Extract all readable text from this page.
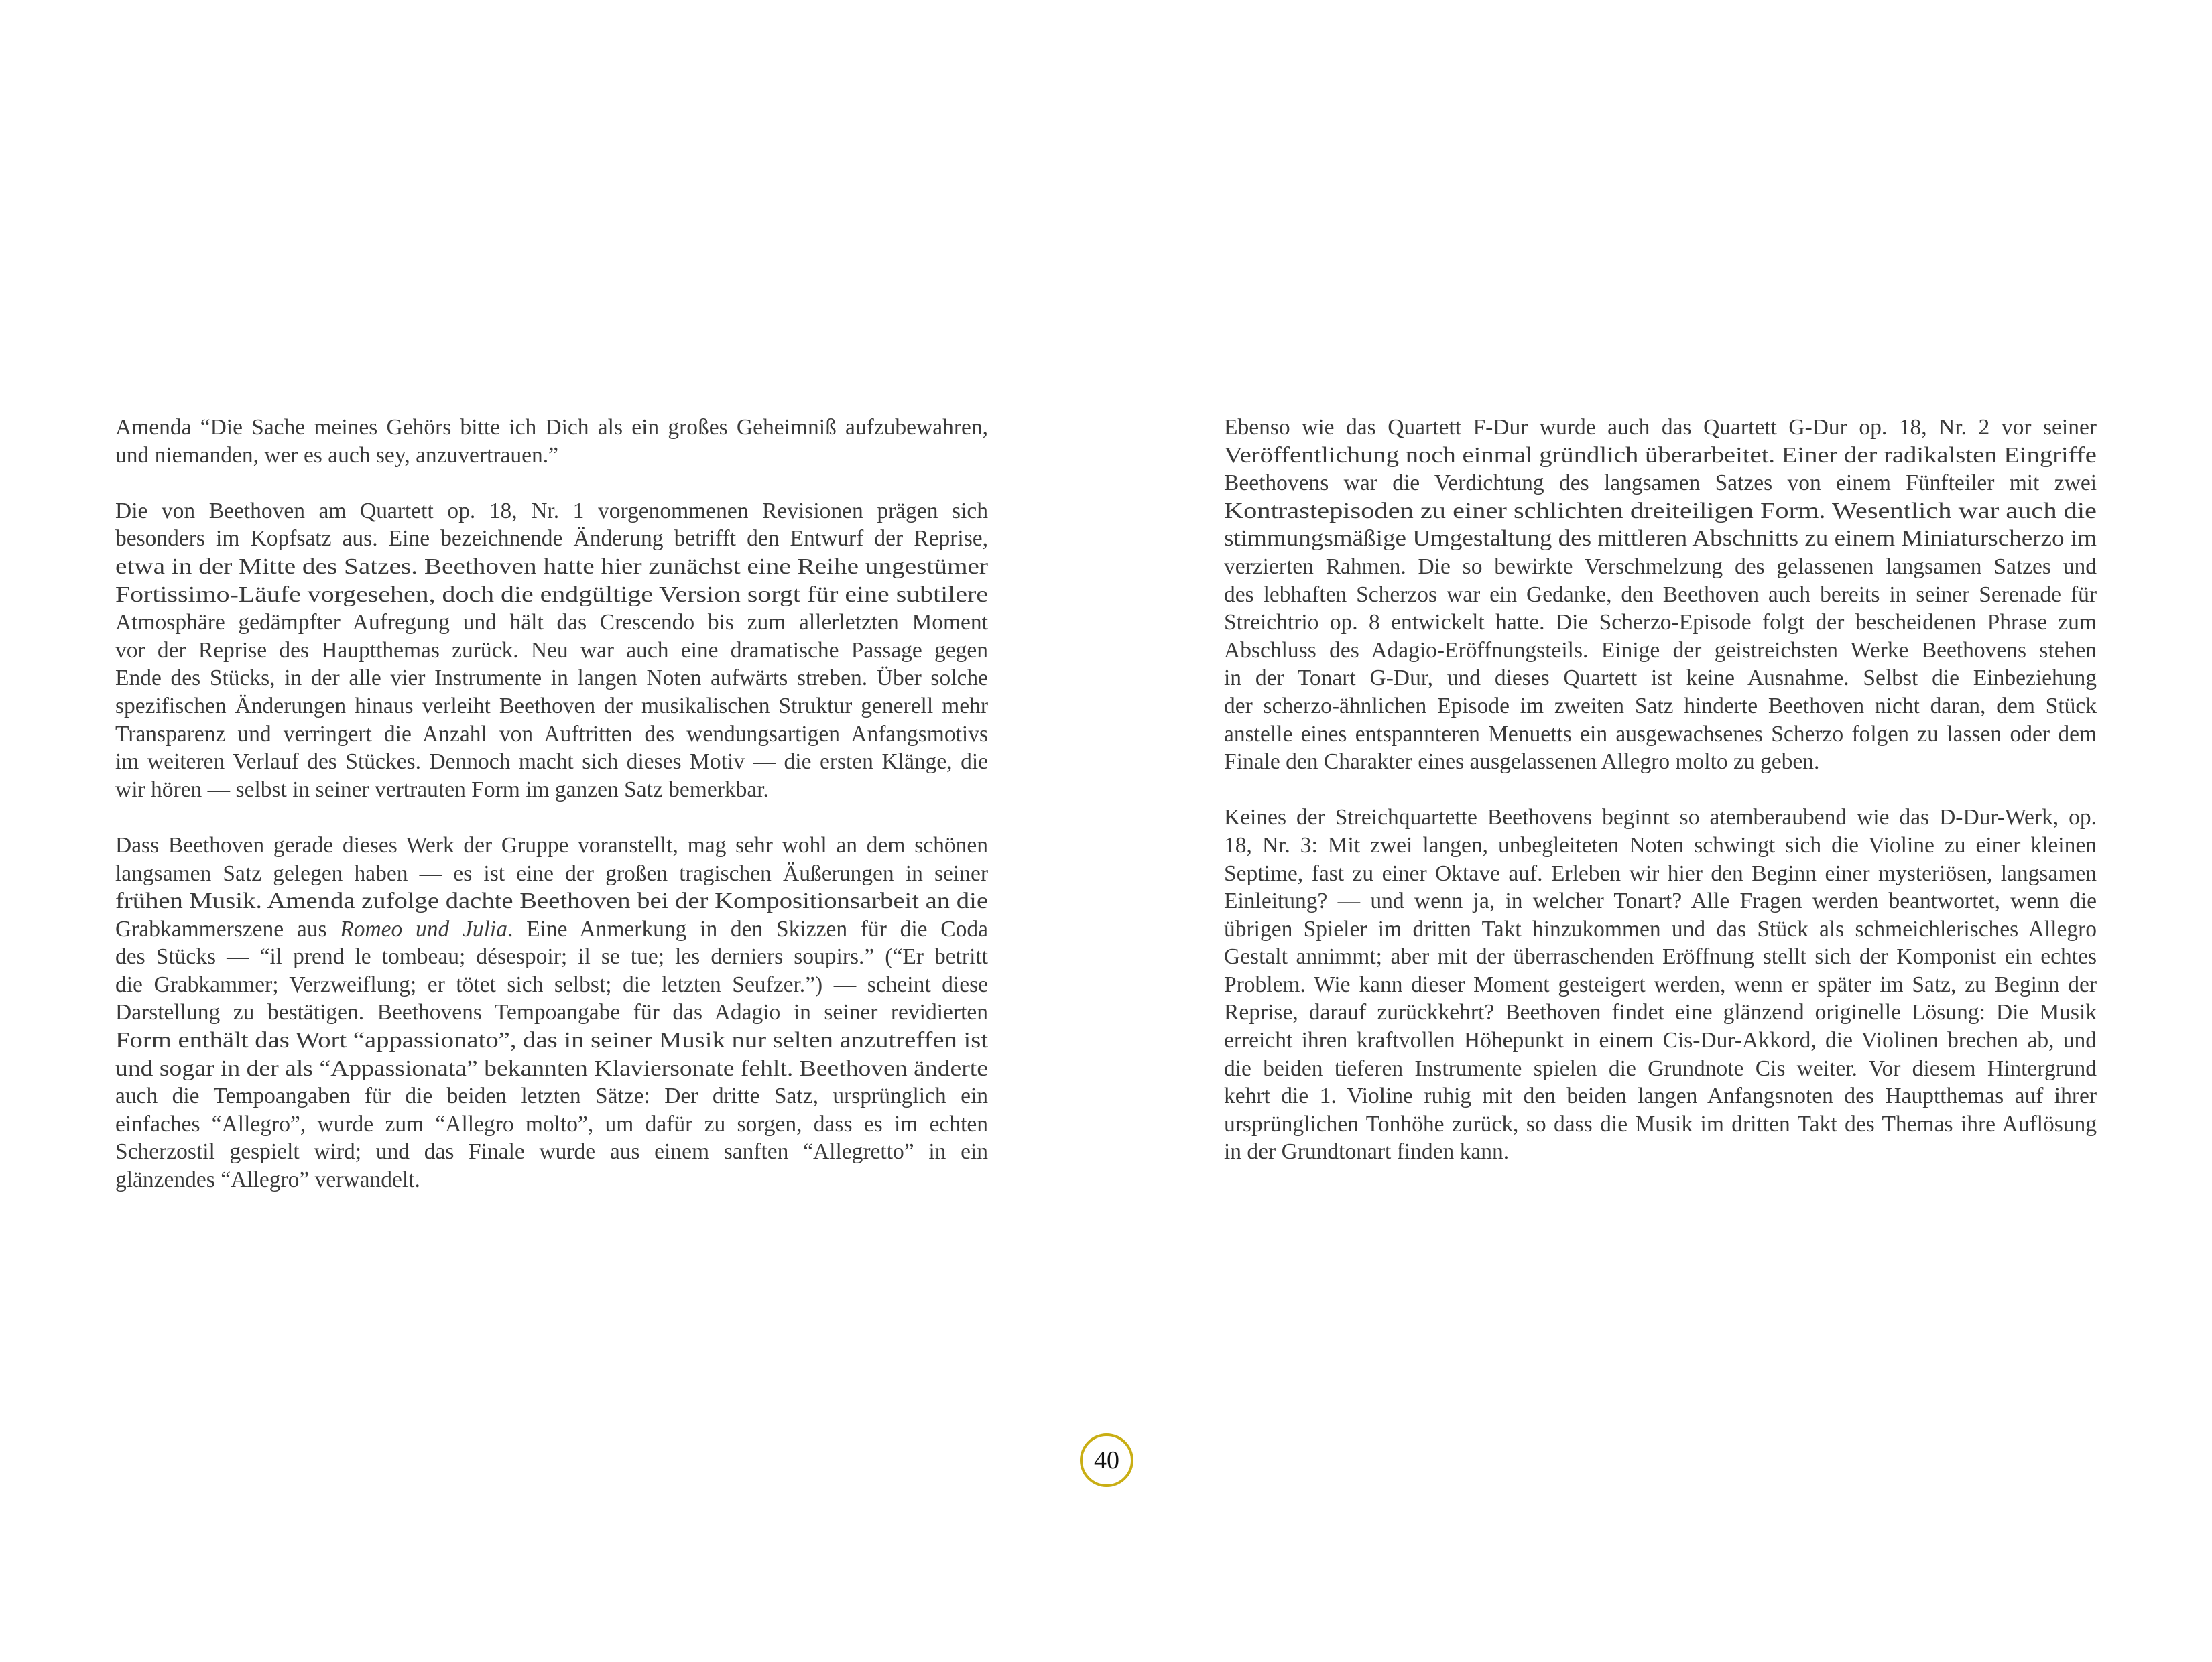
Amenda “Die Sache meines Gehörs bitte ich Dich als ein großes Geheimniß aufzubewahren,
und niemanden, wer es auch sey, anzuvertrauen.”
Die von Beethoven am Quartett op. 18, Nr. 1 vorgenommenen Revisionen prägen sich
besonders im Kopfsatz aus. Eine bezeichnende Änderung betrifft den Entwurf der Reprise,
etwa in der Mitte des Satzes. Beethoven hatte hier zunächst eine Reihe ungestümer
Fortissimo-Läufe vorgesehen, doch die endgültige Version sorgt für eine subtilere
Atmosphäre gedämpfter Aufregung und hält das Crescendo bis zum allerletzten Moment
vor der Reprise des Hauptthemas zurück. Neu war auch eine dramatische Passage gegen
Ende des Stücks, in der alle vier Instrumente in langen Noten aufwärts streben. Über solche
spezifischen Änderungen hinaus verleiht Beethoven der musikalischen Struktur generell mehr
Transparenz und verringert die Anzahl von Auftritten des wendungsartigen Anfangsmotivs
im weiteren Verlauf des Stückes. Dennoch macht sich dieses Motiv — die ersten Klänge, die
wir hören — selbst in seiner vertrauten Form im ganzen Satz bemerkbar.
Dass Beethoven gerade dieses Werk der Gruppe voranstellt, mag sehr wohl an dem schönen
langsamen Satz gelegen haben — es ist eine der großen tragischen Äußerungen in seiner
frühen Musik. Amenda zufolge dachte Beethoven bei der Kompositionsarbeit an die
Grabkammerszene aus Romeo und Julia. Eine Anmerkung in den Skizzen für die Coda
des Stücks — “il prend le tombeau; désespoir; il se tue; les derniers soupirs.” (“Er betritt
die Grabkammer; Verzweiflung; er tötet sich selbst; die letzten Seufzer.”) — scheint diese
Darstellung zu bestätigen. Beethovens Tempoangabe für das Adagio in seiner revidierten
Form enthält das Wort “appassionato”, das in seiner Musik nur selten anzutreffen ist
und sogar in der als “Appassionata” bekannten Klaviersonate fehlt. Beethoven änderte
auch die Tempoangaben für die beiden letzten Sätze: Der dritte Satz, ursprünglich ein
einfaches “Allegro”, wurde zum “Allegro molto”, um dafür zu sorgen, dass es im echten
Scherzostil gespielt wird; und das Finale wurde aus einem sanften “Allegretto” in ein
glänzendes “Allegro” verwandelt.
Ebenso wie das Quartett F-Dur wurde auch das Quartett G-Dur op. 18, Nr. 2 vor seiner
Veröffentlichung noch einmal gründlich überarbeitet. Einer der radikalsten Eingriffe
Beethovens war die Verdichtung des langsamen Satzes von einem Fünfteiler mit zwei
Kontrastepisoden zu einer schlichten dreiteiligen Form. Wesentlich war auch die
stimmungsmäßige Umgestaltung des mittleren Abschnitts zu einem Miniaturscherzo im
verzierten Rahmen. Die so bewirkte Verschmelzung des gelassenen langsamen Satzes und
des lebhaften Scherzos war ein Gedanke, den Beethoven auch bereits in seiner Serenade für
Streichtrio op. 8 entwickelt hatte. Die Scherzo-Episode folgt der bescheidenen Phrase zum
Abschluss des Adagio-Eröffnungsteils. Einige der geistreichsten Werke Beethovens stehen
in der Tonart G-Dur, und dieses Quartett ist keine Ausnahme. Selbst die Einbeziehung
der scherzo-ähnlichen Episode im zweiten Satz hinderte Beethoven nicht daran, dem Stück
anstelle eines entspannteren Menuetts ein ausgewachsenes Scherzo folgen zu lassen oder dem
Finale den Charakter eines ausgelassenen Allegro molto zu geben.
Keines der Streichquartette Beethovens beginnt so atemberaubend wie das D-Dur-Werk, op.
18, Nr. 3: Mit zwei langen, unbegleiteten Noten schwingt sich die Violine zu einer kleinen
Septime, fast zu einer Oktave auf. Erleben wir hier den Beginn einer mysteriösen, langsamen
Einleitung? — und wenn ja, in welcher Tonart? Alle Fragen werden beantwortet, wenn die
übrigen Spieler im dritten Takt hinzukommen und das Stück als schmeichlerisches Allegro
Gestalt annimmt; aber mit der überraschenden Eröffnung stellt sich der Komponist ein echtes
Problem. Wie kann dieser Moment gesteigert werden, wenn er später im Satz, zu Beginn der
Reprise, darauf zurückkehrt? Beethoven findet eine glänzend originelle Lösung: Die Musik
erreicht ihren kraftvollen Höhepunkt in einem Cis-Dur-Akkord, die Violinen brechen ab, und
die beiden tieferen Instrumente spielen die Grundnote Cis weiter. Vor diesem Hintergrund
kehrt die 1. Violine ruhig mit den beiden langen Anfangsnoten des Hauptthemas auf ihrer
ursprünglichen Tonhöhe zurück, so dass die Musik im dritten Takt des Themas ihre Auflösung
in der Grundtonart finden kann.
40
